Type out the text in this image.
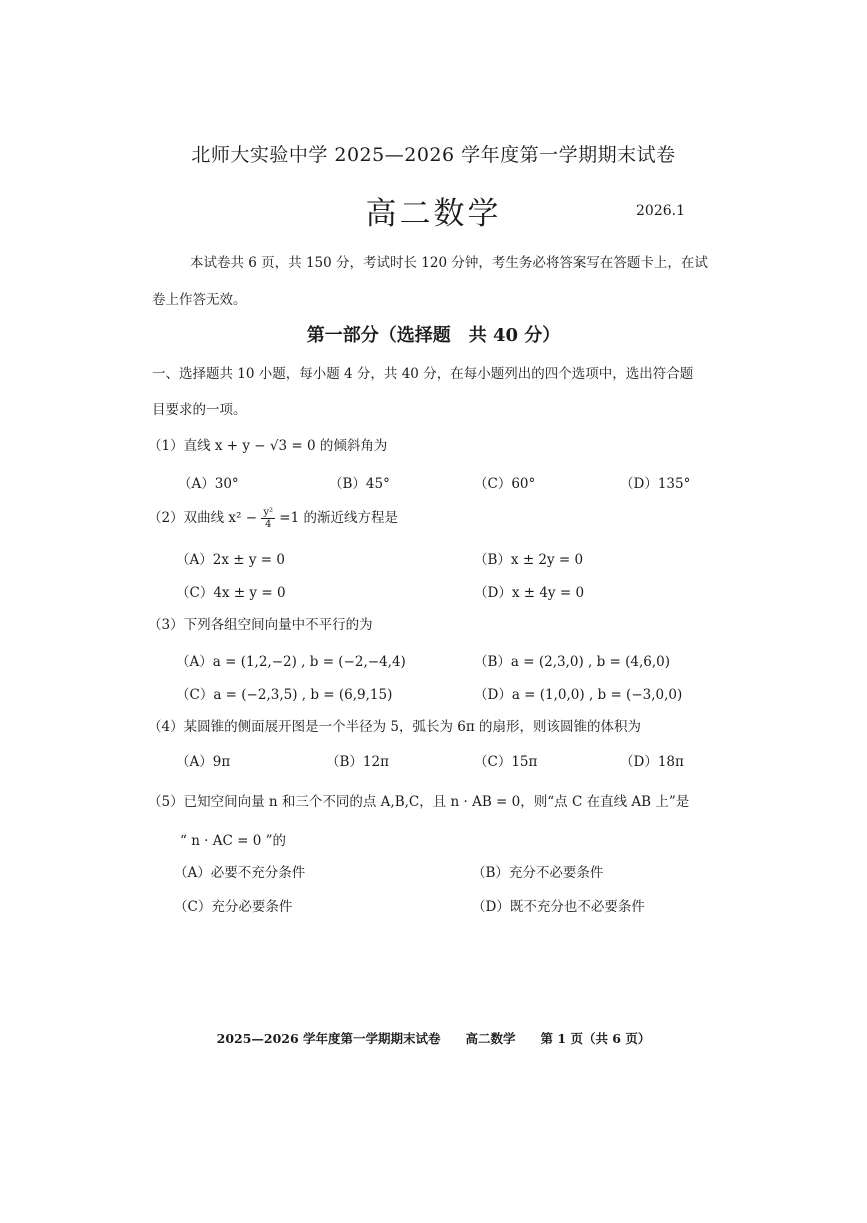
北师大实验中学 2025—2026 学年度第一学期期末试卷
高二数学	2026.1
本试卷共 6 页，共 150 分，考试时长 120 分钟，考生务必将答案写在答题卡上，在试
卷上作答无效。
第一部分（选择题　共 40 分）
一、选择题共 10 小题，每小题 4 分，共 40 分，在每小题列出的四个选项中，选出符合题
目要求的一项。
（1）直线 x + y − √3 = 0 的倾斜角为
（A）30°	（B）45°	（C）60°	（D）135°
（2）双曲线 $x^2 - \frac{\text{y²}}{4} =1$ 的渐近线方程是
（A）2x ± y = 0	（B）x ± 2y = 0
（C）4x ± y = 0	（D）x ± 4y = 0
（3）下列各组空间向量中不平行的为
（A）a = (1,2,−2) , b = (−2,−4,4)	（B）a = (2,3,0) , b = (4,6,0)
（C）a = (−2,3,5) , b = (6,9,15)	（D）a = (1,0,0) , b = (−3,0,0)
（4）某圆锥的侧面展开图是一个半径为 5，弧长为 6π 的扇形，则该圆锥的体积为
（A）9π	（B）12π	（C）15π	（D）18π
（5）已知空间向量 n 和三个不同的点 A,B,C，且 n · AB = 0，则“点 C 在直线 AB 上”是
“ n · AC = 0 ”的
（A）必要不充分条件	（B）充分不必要条件
（C）充分必要条件	（D）既不充分也不必要条件
2025—2026 学年度第一学期期末试卷　　高二数学　　第 1 页（共 6 页）
